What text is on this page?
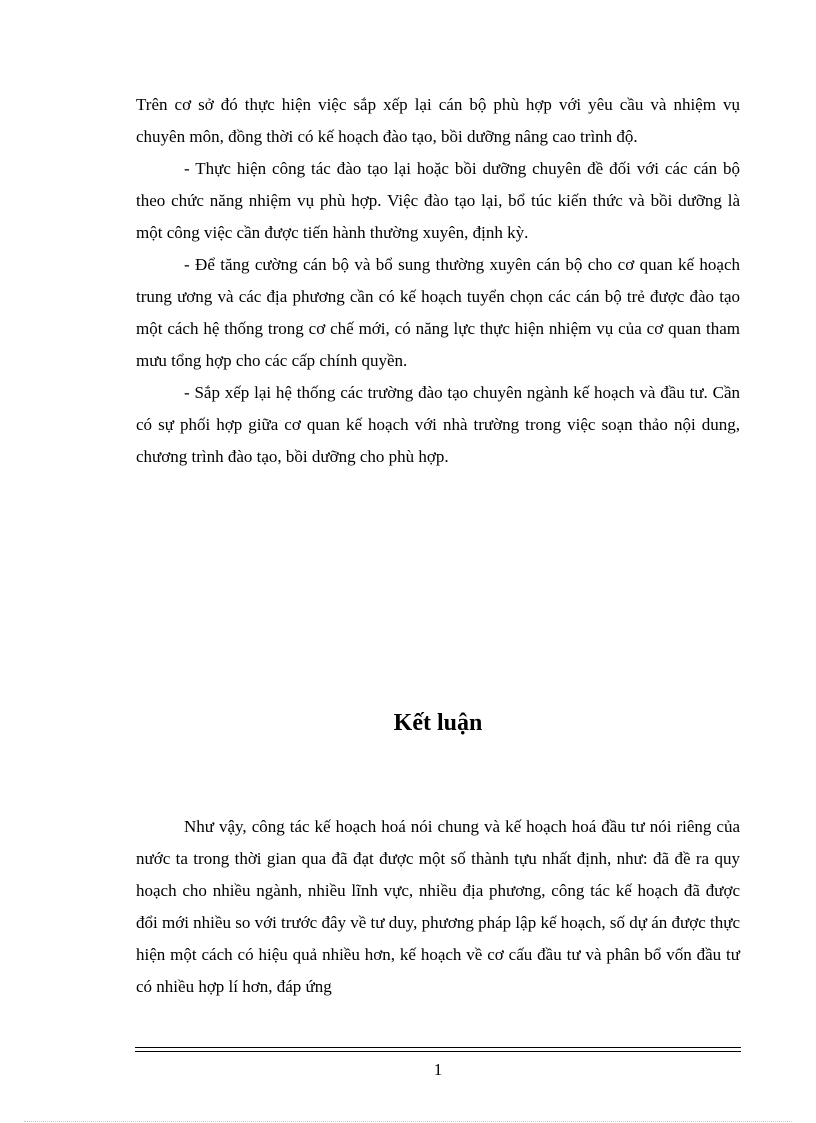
Trên cơ sở đó thực hiện việc sắp xếp lại cán bộ phù hợp với yêu cầu và nhiệm vụ chuyên môn, đồng thời có kế hoạch đào tạo, bồi dưỡng nâng cao trình độ.

- Thực hiện công tác đào tạo lại hoặc bồi dưỡng chuyên đề đối với các cán bộ theo chức năng nhiệm vụ phù hợp. Việc đào tạo lại, bổ túc kiến thức và bồi dưỡng là một công việc cần được tiến hành thường xuyên, định kỳ.

- Để tăng cường cán bộ và bổ sung thường xuyên cán bộ cho cơ quan kế hoạch trung ương và các địa phương cần có kế hoạch tuyển chọn các cán bộ trẻ được đào tạo một cách hệ thống trong cơ chế mới, có năng lực thực hiện nhiệm vụ của cơ quan tham mưu tổng hợp cho các cấp chính quyền.

- Sắp xếp lại hệ thống các trường đào tạo chuyên ngành kế hoạch và đầu tư. Cần có sự phối hợp giữa cơ quan kế hoạch với nhà trường trong việc soạn thảo nội dung, chương trình đào tạo, bồi dưỡng cho phù hợp.

Kết luận

Như vậy, công tác kế hoạch hoá nói chung và kế hoạch hoá đầu tư nói riêng của nước ta trong thời gian qua đã đạt được một số thành tựu nhất định, như: đã đề ra quy hoạch cho nhiều ngành, nhiều lĩnh vực, nhiều địa phương, công tác kế hoạch đã được đổi mới nhiều so với trước đây về tư duy, phương pháp lập kế hoạch, số dự án được thực hiện một cách có hiệu quả nhiều hơn, kế hoạch về cơ cấu đầu tư và phân bổ vốn đầu tư có nhiều hợp lí hơn, đáp ứng

1
